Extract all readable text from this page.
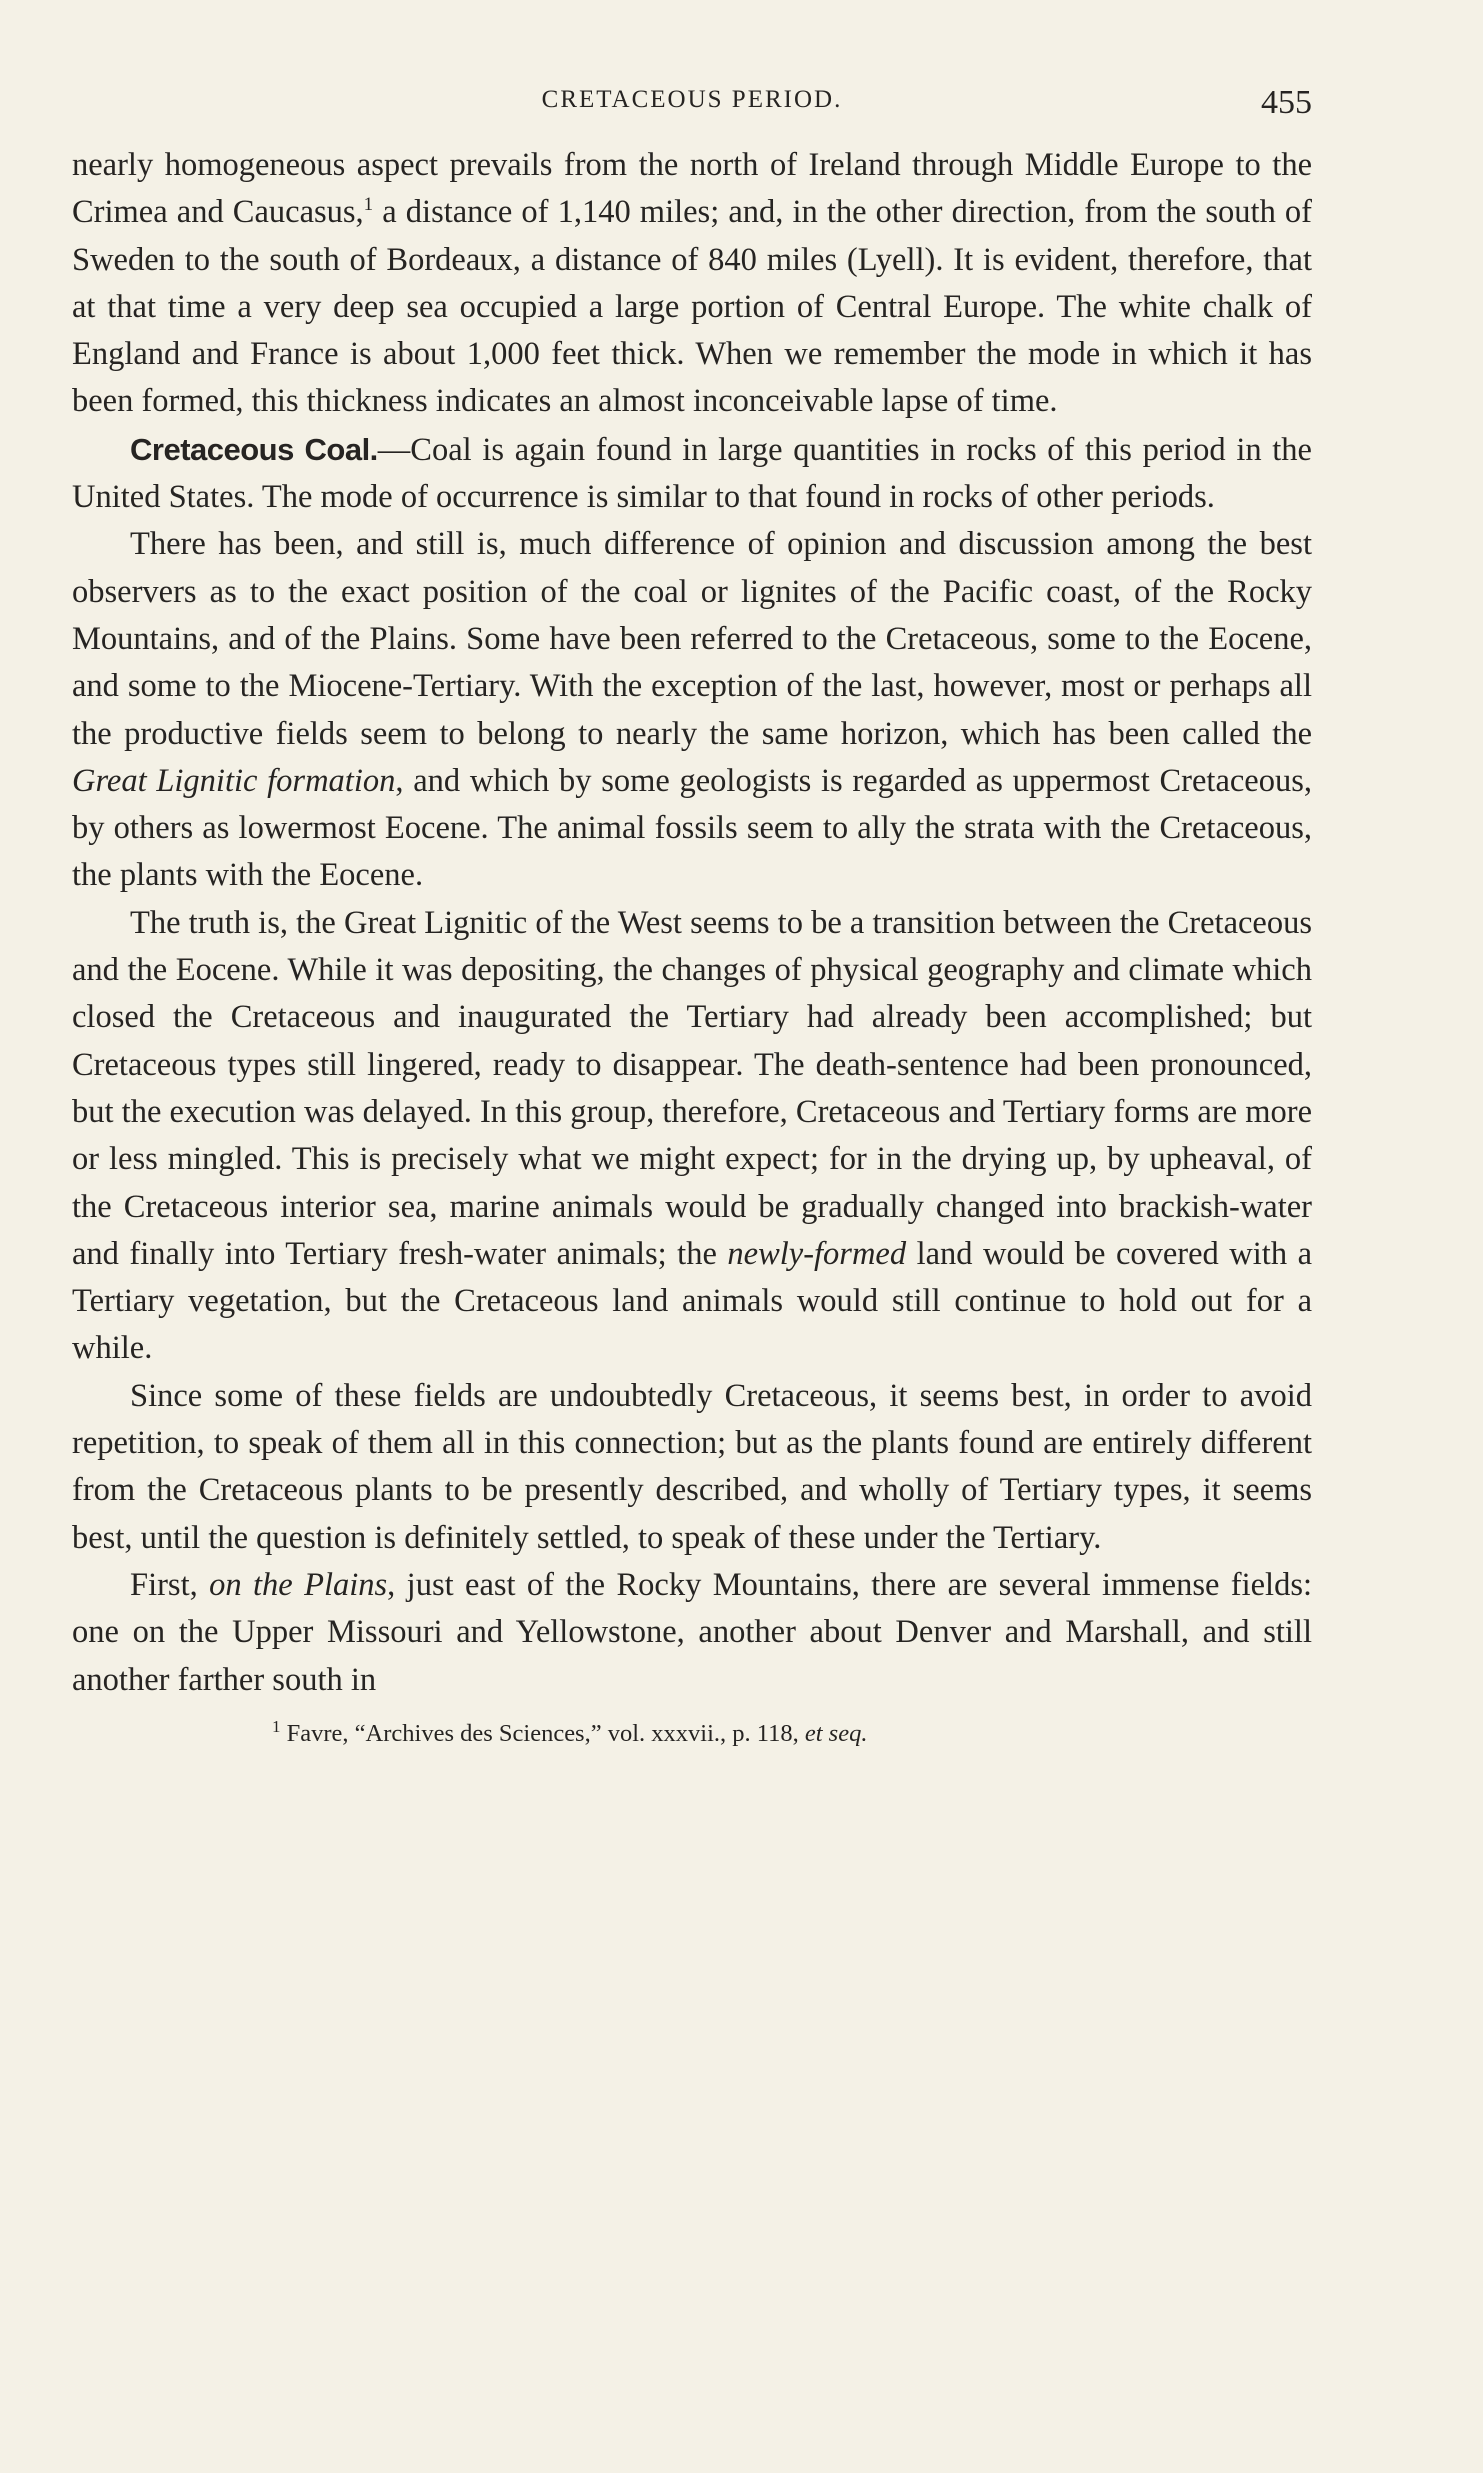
CRETACEOUS PERIOD.	455

nearly homogeneous aspect prevails from the north of Ireland through Middle Europe to the Crimea and Caucasus,$^1$ a distance of 1,140 miles; and, in the other direction, from the south of Sweden to the south of Bordeaux, a distance of 840 miles (Lyell). It is evident, therefore, that at that time a very deep sea occupied a large portion of Central Europe. The white chalk of England and France is about 1,000 feet thick. When we remember the mode in which it has been formed, this thickness indicates an almost inconceivable lapse of time.

Cretaceous Coal.—Coal is again found in large quantities in rocks of this period in the United States. The mode of occurrence is similar to that found in rocks of other periods.

There has been, and still is, much difference of opinion and discussion among the best observers as to the exact position of the coal or lignites of the Pacific coast, of the Rocky Mountains, and of the Plains. Some have been referred to the Cretaceous, some to the Eocene, and some to the Miocene-Tertiary. With the exception of the last, however, most or perhaps all the productive fields seem to belong to nearly the same horizon, which has been called the Great Lignitic formation, and which by some geologists is regarded as uppermost Cretaceous, by others as lowermost Eocene. The animal fossils seem to ally the strata with the Cretaceous, the plants with the Eocene.

The truth is, the Great Lignitic of the West seems to be a transition between the Cretaceous and the Eocene. While it was depositing, the changes of physical geography and climate which closed the Cretaceous and inaugurated the Tertiary had already been accomplished; but Cretaceous types still lingered, ready to disappear. The death-sentence had been pronounced, but the execution was delayed. In this group, therefore, Cretaceous and Tertiary forms are more or less mingled. This is precisely what we might expect; for in the drying up, by upheaval, of the Cretaceous interior sea, marine animals would be gradually changed into brackish-water and finally into Tertiary fresh-water animals; the newly-formed land would be covered with a Tertiary vegetation, but the Cretaceous land animals would still continue to hold out for a while.

Since some of these fields are undoubtedly Cretaceous, it seems best, in order to avoid repetition, to speak of them all in this connection; but as the plants found are entirely different from the Cretaceous plants to be presently described, and wholly of Tertiary types, it seems best, until the question is definitely settled, to speak of these under the Tertiary.

First, on the Plains, just east of the Rocky Mountains, there are several immense fields: one on the Upper Missouri and Yellowstone, another about Denver and Marshall, and still another farther south in

$^1$ Favre, “Archives des Sciences,” vol. xxxvii., p. 118, et seq.
